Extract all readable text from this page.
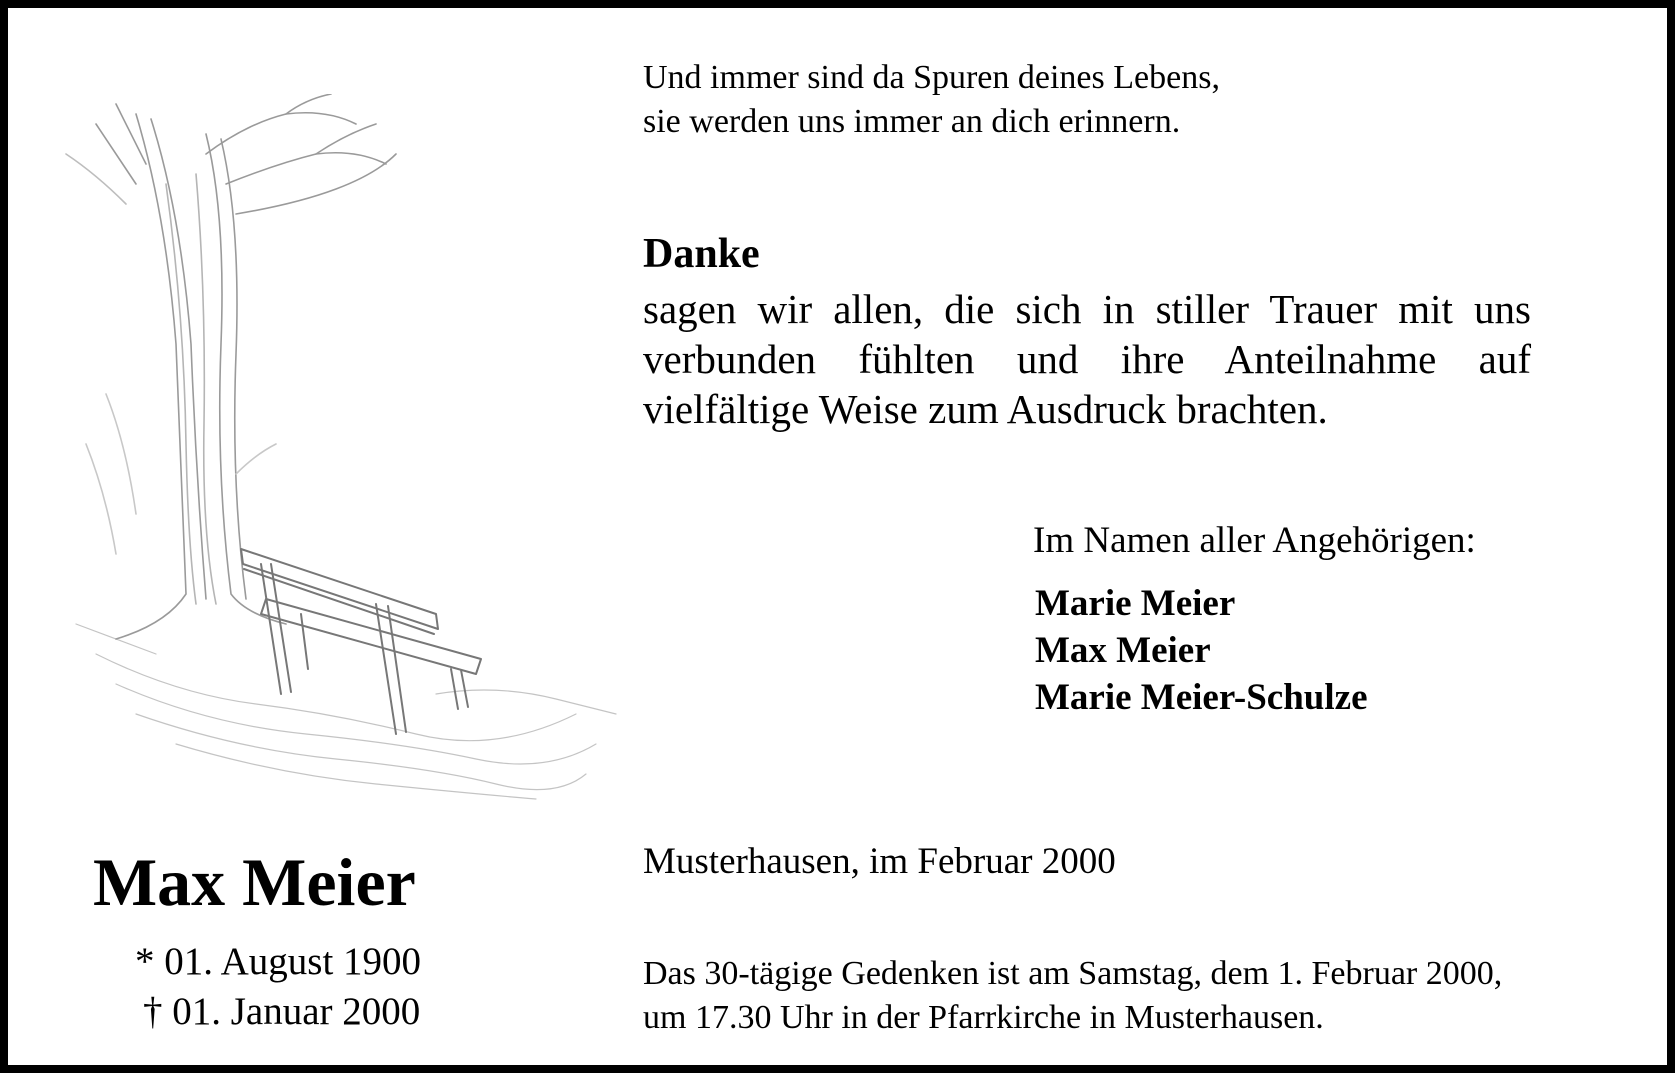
Und immer sind da Spuren deines Lebens,
sie werden uns immer an dich erinnern.
Danke
sagen wir allen, die sich in stiller Trauer mit uns verbunden fühlten und ihre Anteilnahme auf vielfältige Weise zum Ausdruck brachten.
Im Namen aller Angehörigen:
Marie Meier
Max Meier
Marie Meier-Schulze
Musterhausen, im Februar 2000
Das 30-tägige Gedenken ist am Samstag, dem 1. Februar 2000,
um 17.30 Uhr in der Pfarrkirche in Musterhausen.
Max Meier
* 01. August 1900
† 01. Januar 2000
